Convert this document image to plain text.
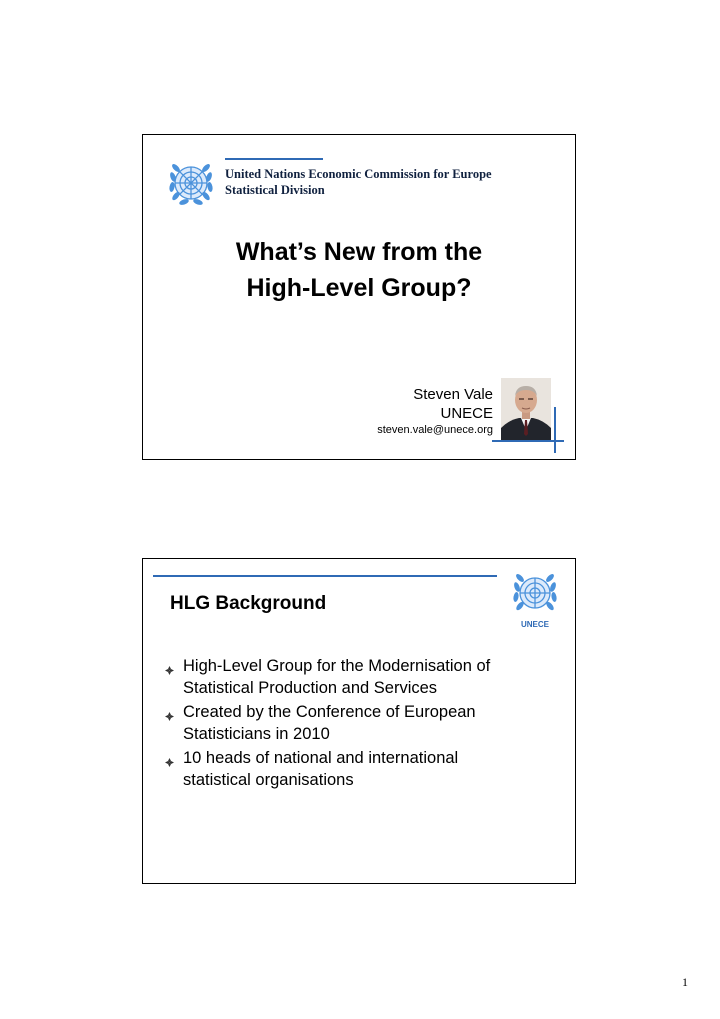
United Nations Economic Commission for Europe
Statistical Division
What’s New from the
High-Level Group?
Steven Vale
UNECE
steven.vale@unece.org
UNECE
HLG Background
High-Level Group for the Modernisation of
Statistical Production and Services
Created by the Conference of European
Statisticians in 2010
10 heads of national and international
statistical organisations
1
